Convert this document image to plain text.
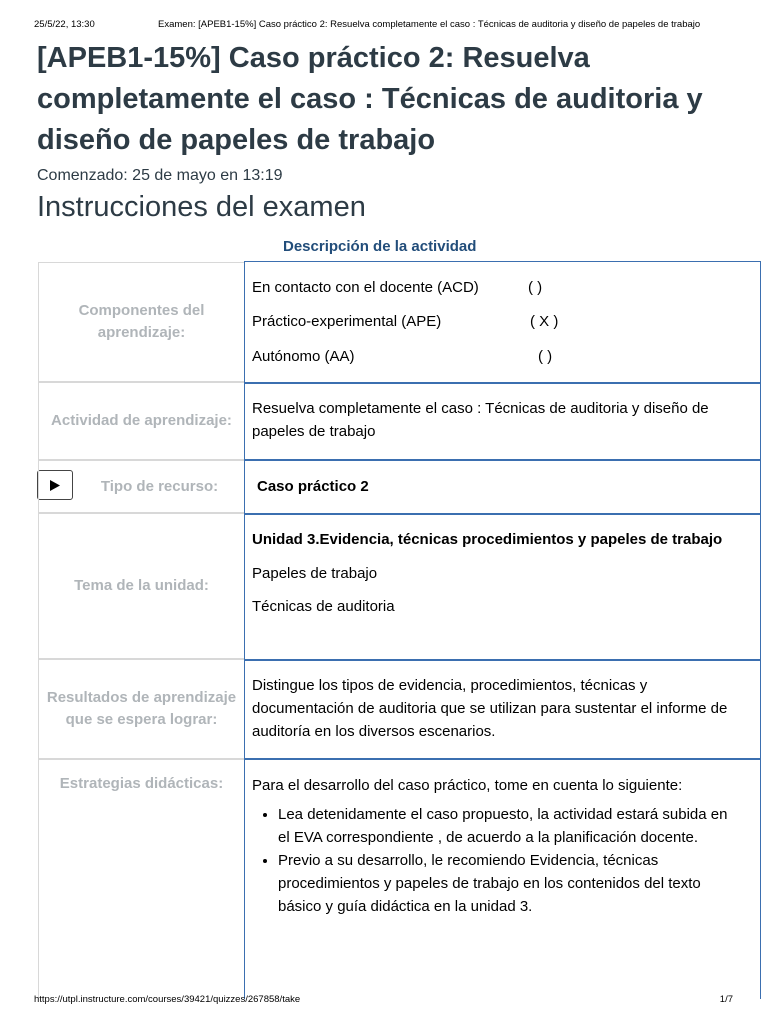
25/5/22, 13:30	Examen: [APEB1-15%] Caso práctico 2: Resuelva completamente el caso : Técnicas de auditoria y diseño de papeles de trabajo
[APEB1-15%] Caso práctico 2: Resuelva completamente el caso : Técnicas de auditoria y diseño de papeles de trabajo
Comenzado: 25 de mayo en 13:19
Instrucciones del examen
Descripción de la actividad
Componentes del aprendizaje:
En contacto con el docente (ACD)	( )
Práctico-experimental (APE)	( X )
Autónomo (AA)	( )
Actividad de aprendizaje:
Resuelva completamente el caso : Técnicas de auditoria y diseño de papeles de trabajo
Tipo de recurso:	Caso práctico 2
Tema de la unidad:
Unidad 3.Evidencia, técnicas procedimientos y papeles de trabajo
Papeles de trabajo
Técnicas de auditoria
Resultados de aprendizaje que se espera lograr:
Distingue los tipos de evidencia, procedimientos, técnicas y documentación de auditoria que se utilizan para sustentar el informe de auditoría en los diversos escenarios.
Estrategias didácticas: Para el desarrollo del caso práctico, tome en cuenta lo siguiente:
• Lea detenidamente el caso propuesto, la actividad estará subida en el EVA correspondiente , de acuerdo a la planificación docente.
• Previo a su desarrollo, le recomiendo Evidencia, técnicas procedimientos y papeles de trabajo en los contenidos del texto básico y guía didáctica en la unidad 3.
https://utpl.instructure.com/courses/39421/quizzes/267858/take	1/7
